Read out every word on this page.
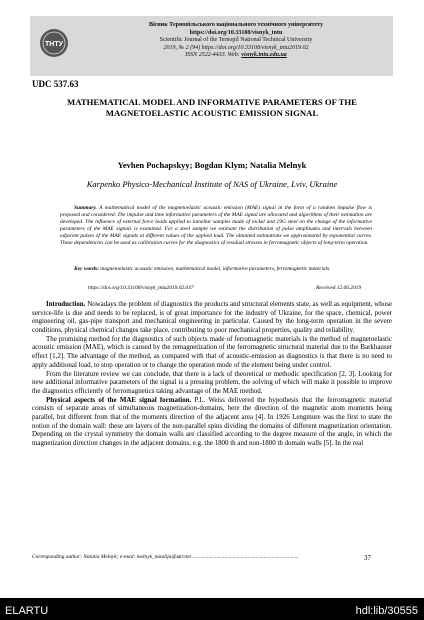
ТНТУ
Вісник Тернопільського національного технічного університету
https://doi.org/10.33108/visnyk_tntu
Scientific Journal of the Ternopil National Technical University
2019, № 2 (94) https://doi.org/10.33108/visnyk_tntu2019.02
ISSN 2522-4433. Web: visnyk.tntu.edu.ua
UDC 537.63
MATHEMATICAL MODEL AND INFORMATIVE PARAMETERS OF THE MAGNETOELASTIC ACOUSTIC EMISSION SIGNAL
Yevhen Pochapskyy; Bogdan Klym; Natalia Melnyk
Karpenko Physico-Mechanical Institute of NAS of Ukraine, Lviv, Ukraine
Summary. A mathematical model of the magnetoelastic acoustic emission (MAE) signal in the form of a random impulse flow is proposed and considered. The impulse and time informative parameters of the MAE signal are allocated and algorithms of their estimation are developed. The influence of external force loads applied to lamellar samples made of nickel and 19G steel on the change of the informative parameters of the MAE signals is examined. For a steel sample we estimate the distribution of pulse amplitudes and intervals between adjacent pulses of the MAE signals at different values of the applied load. The obtained estimations we approximated by exponential curves. These dependencies can be used as calibration curves for the diagnostics of residual stresses in ferromagnetic objects of long-term operation.
Key words: magnetoelastic acoustic emission, mathematical model, informative parameters, ferromagnetic materials.
https://doi.org/10.33108/visnyk_tntu2019.02.037	Received 12.06.2019

Introduction. Nowadays the problem of diagnostics the products and structural elements state, as well as equipment, whose service-life is due and needs to be replaced, is of great importance for the industry of Ukraine, for the space, chemical, power engineering oil, gas-pipe transport and mechanical engineering in particular. Caused by the long-term operation in the severe conditions, physical chemical changes take place, contributing to poor mechanical properties, quality and reliability.

The promising method for the diagnostics of such objects made of ferromagnetic materials is the method of magnetoelastic acoustic emission (MAE), which is caused by the remagnetization of the ferromagnetic structural material due to the Barkhauser effect [1,2]. The advantage of the method, as compared with that of acoustic-emission as diagnostics is that there is no need to apply additional load, to stop operation or to change the operation mode of the element being under control.

From the literature review we can conclude, that there is a lack of theoretical or methodic specification [2, 3]. Looking for new additional informative parameters of the signal is a pressing problem, the solving of which will make it possible to improve the diagnostics efficiently of ferromagnetics taking advantage of the MAE method.

Physical aspects of the MAE signal formation. P.L. Weiss delivered the hypothesis that the ferromagnetic material consists of separate areas of simultaneous magnetization-domains, here the direction of the magnetic atom moments being parallel, but different from that of the moments direction of the adjacent area [4]. In 1926 Lengmure was the first to state the notion of the domain wall: these are layers of the non-parallel spins dividing the domains of different magnetization orientation. Depending on the crystal symmetry the domain walls are classified according to the degree measure of the angle, in which the magnetization direction changes in the adjacent domains, e.g. the 1800 th and non-1800 th domain walls [5]. In the real

Corresponding author: Natalia Melnyk; e-mail: melnyk_natalija@ukr.net ...............................................................................	37
ELARTU	hdl:lib/30555
